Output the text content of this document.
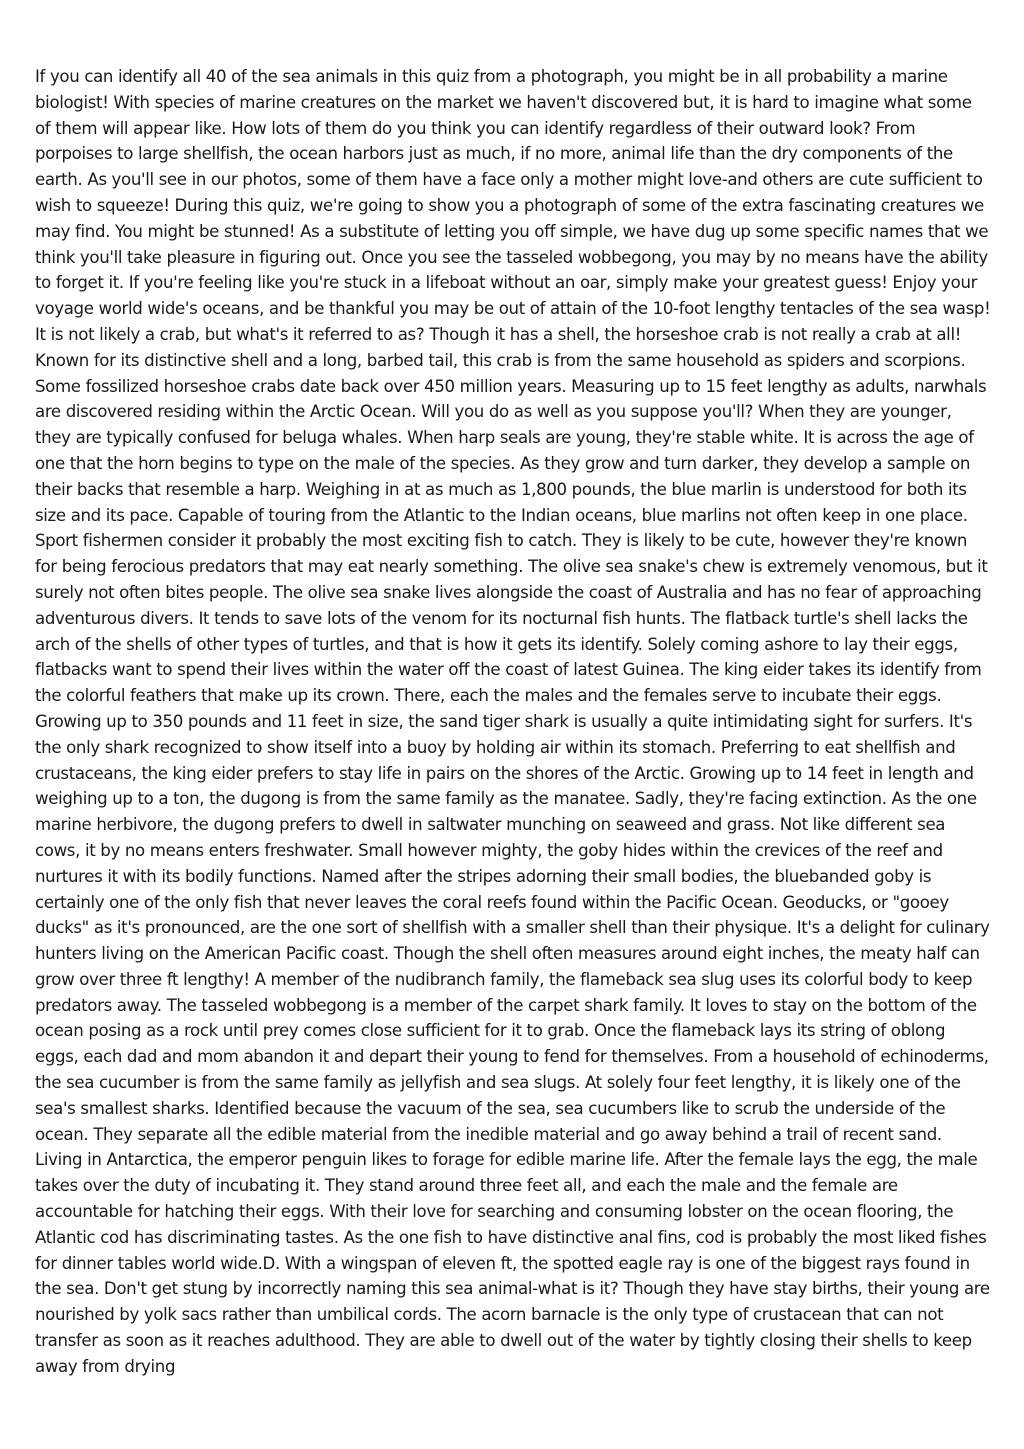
If you can identify all 40 of the sea animals in this quiz from a photograph, you might be in all probability a marine biologist! With species of marine creatures on the market we haven't discovered but, it is hard to imagine what some of them will appear like. How lots of them do you think you can identify regardless of their outward look? From porpoises to large shellfish, the ocean harbors just as much, if no more, animal life than the dry components of the earth. As you'll see in our photos, some of them have a face only a mother might love-and others are cute sufficient to wish to squeeze! During this quiz, we're going to show you a photograph of some of the extra fascinating creatures we may find. You might be stunned! As a substitute of letting you off simple, we have dug up some specific names that we think you'll take pleasure in figuring out. Once you see the tasseled wobbegong, you may by no means have the ability to forget it. If you're feeling like you're stuck in a lifeboat without an oar, simply make your greatest guess! Enjoy your voyage world wide's oceans, and be thankful you may be out of attain of the 10-foot lengthy tentacles of the sea wasp! It is not likely a crab, but what's it referred to as? Though it has a shell, the horseshoe crab is not really a crab at all! Known for its distinctive shell and a long, barbed tail, this crab is from the same household as spiders and scorpions. Some fossilized horseshoe crabs date back over 450 million years. Measuring up to 15 feet lengthy as adults, narwhals are discovered residing within the Arctic Ocean. Will you do as well as you suppose you'll? When they are younger, they are typically confused for beluga whales. When harp seals are young, they're stable white. It is across the age of one that the horn begins to type on the male of the species. As they grow and turn darker, they develop a sample on their backs that resemble a harp. Weighing in at as much as 1,800 pounds, the blue marlin is understood for both its size and its pace. Capable of touring from the Atlantic to the Indian oceans, blue marlins not often keep in one place. Sport fishermen consider it probably the most exciting fish to catch. They is likely to be cute, however they're known for being ferocious predators that may eat nearly something. The olive sea snake's chew is extremely venomous, but it surely not often bites people. The olive sea snake lives alongside the coast of Australia and has no fear of approaching adventurous divers. It tends to save lots of the venom for its nocturnal fish hunts. The flatback turtle's shell lacks the arch of the shells of other types of turtles, and that is how it gets its identify. Solely coming ashore to lay their eggs, flatbacks want to spend their lives within the water off the coast of latest Guinea. The king eider takes its identify from the colorful feathers that make up its crown. There, each the males and the females serve to incubate their eggs. Growing up to 350 pounds and 11 feet in size, the sand tiger shark is usually a quite intimidating sight for surfers. It's the only shark recognized to show itself into a buoy by holding air within its stomach. Preferring to eat shellfish and crustaceans, the king eider prefers to stay life in pairs on the shores of the Arctic. Growing up to 14 feet in length and weighing up to a ton, the dugong is from the same family as the manatee. Sadly, they're facing extinction. As the one marine herbivore, the dugong prefers to dwell in saltwater munching on seaweed and grass. Not like different sea cows, it by no means enters freshwater. Small however mighty, the goby hides within the crevices of the reef and nurtures it with its bodily functions. Named after the stripes adorning their small bodies, the bluebanded goby is certainly one of the only fish that never leaves the coral reefs found within the Pacific Ocean. Geoducks, or "gooey ducks" as it's pronounced, are the one sort of shellfish with a smaller shell than their physique. It's a delight for culinary hunters living on the American Pacific coast. Though the shell often measures around eight inches, the meaty half can grow over three ft lengthy! A member of the nudibranch family, the flameback sea slug uses its colorful body to keep predators away. The tasseled wobbegong is a member of the carpet shark family. It loves to stay on the bottom of the ocean posing as a rock until prey comes close sufficient for it to grab. Once the flameback lays its string of oblong eggs, each dad and mom abandon it and depart their young to fend for themselves. From a household of echinoderms, the sea cucumber is from the same family as jellyfish and sea slugs. At solely four feet lengthy, it is likely one of the sea's smallest sharks. Identified because the vacuum of the sea, sea cucumbers like to scrub the underside of the ocean. They separate all the edible material from the inedible material and go away behind a trail of recent sand. Living in Antarctica, the emperor penguin likes to forage for edible marine life. After the female lays the egg, the male takes over the duty of incubating it. They stand around three feet all, and each the male and the female are accountable for hatching their eggs. With their love for searching and consuming lobster on the ocean flooring, the Atlantic cod has discriminating tastes. As the one fish to have distinctive anal fins, cod is probably the most liked fishes for dinner tables world wide.D. With a wingspan of eleven ft, the spotted eagle ray is one of the biggest rays found in the sea. Don't get stung by incorrectly naming this sea animal-what is it? Though they have stay births, their young are nourished by yolk sacs rather than umbilical cords. The acorn barnacle is the only type of crustacean that can not transfer as soon as it reaches adulthood. They are able to dwell out of the water by tightly closing their shells to keep away from drying
